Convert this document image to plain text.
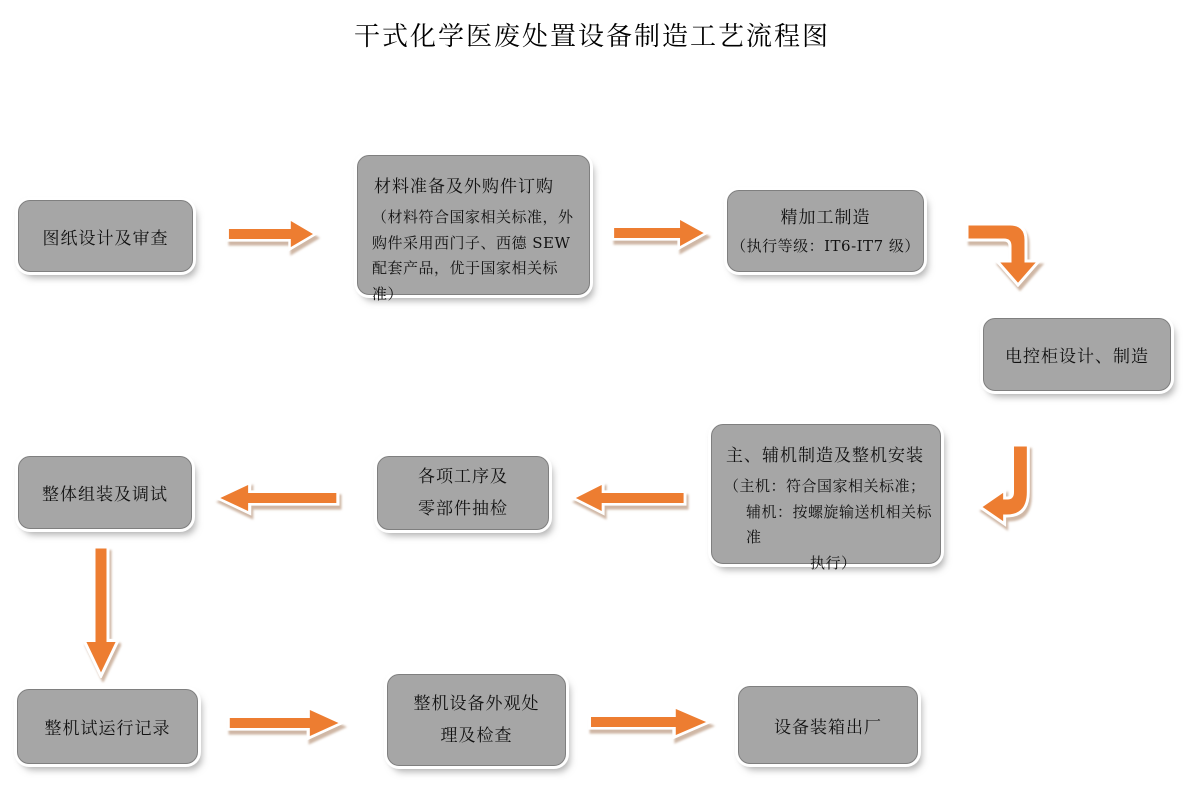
干式化学医废处置设备制造工艺流程图
图纸设计及审查
材料准备及外购件订购
（材料符合国家相关标准，外购件采用西门子、西德 SEW 配套产品，优于国家相关标准）
精加工制造
（执行等级：IT6-IT7 级）
电控柜设计、制造
主、辅机制造及整机安装
（主机：符合国家相关标准；
辅机：按螺旋输送机相关标准
执行）
各项工序及
零部件抽检
整体组装及调试
整机试运行记录
整机设备外观处
理及检查	设备装箱出厂
